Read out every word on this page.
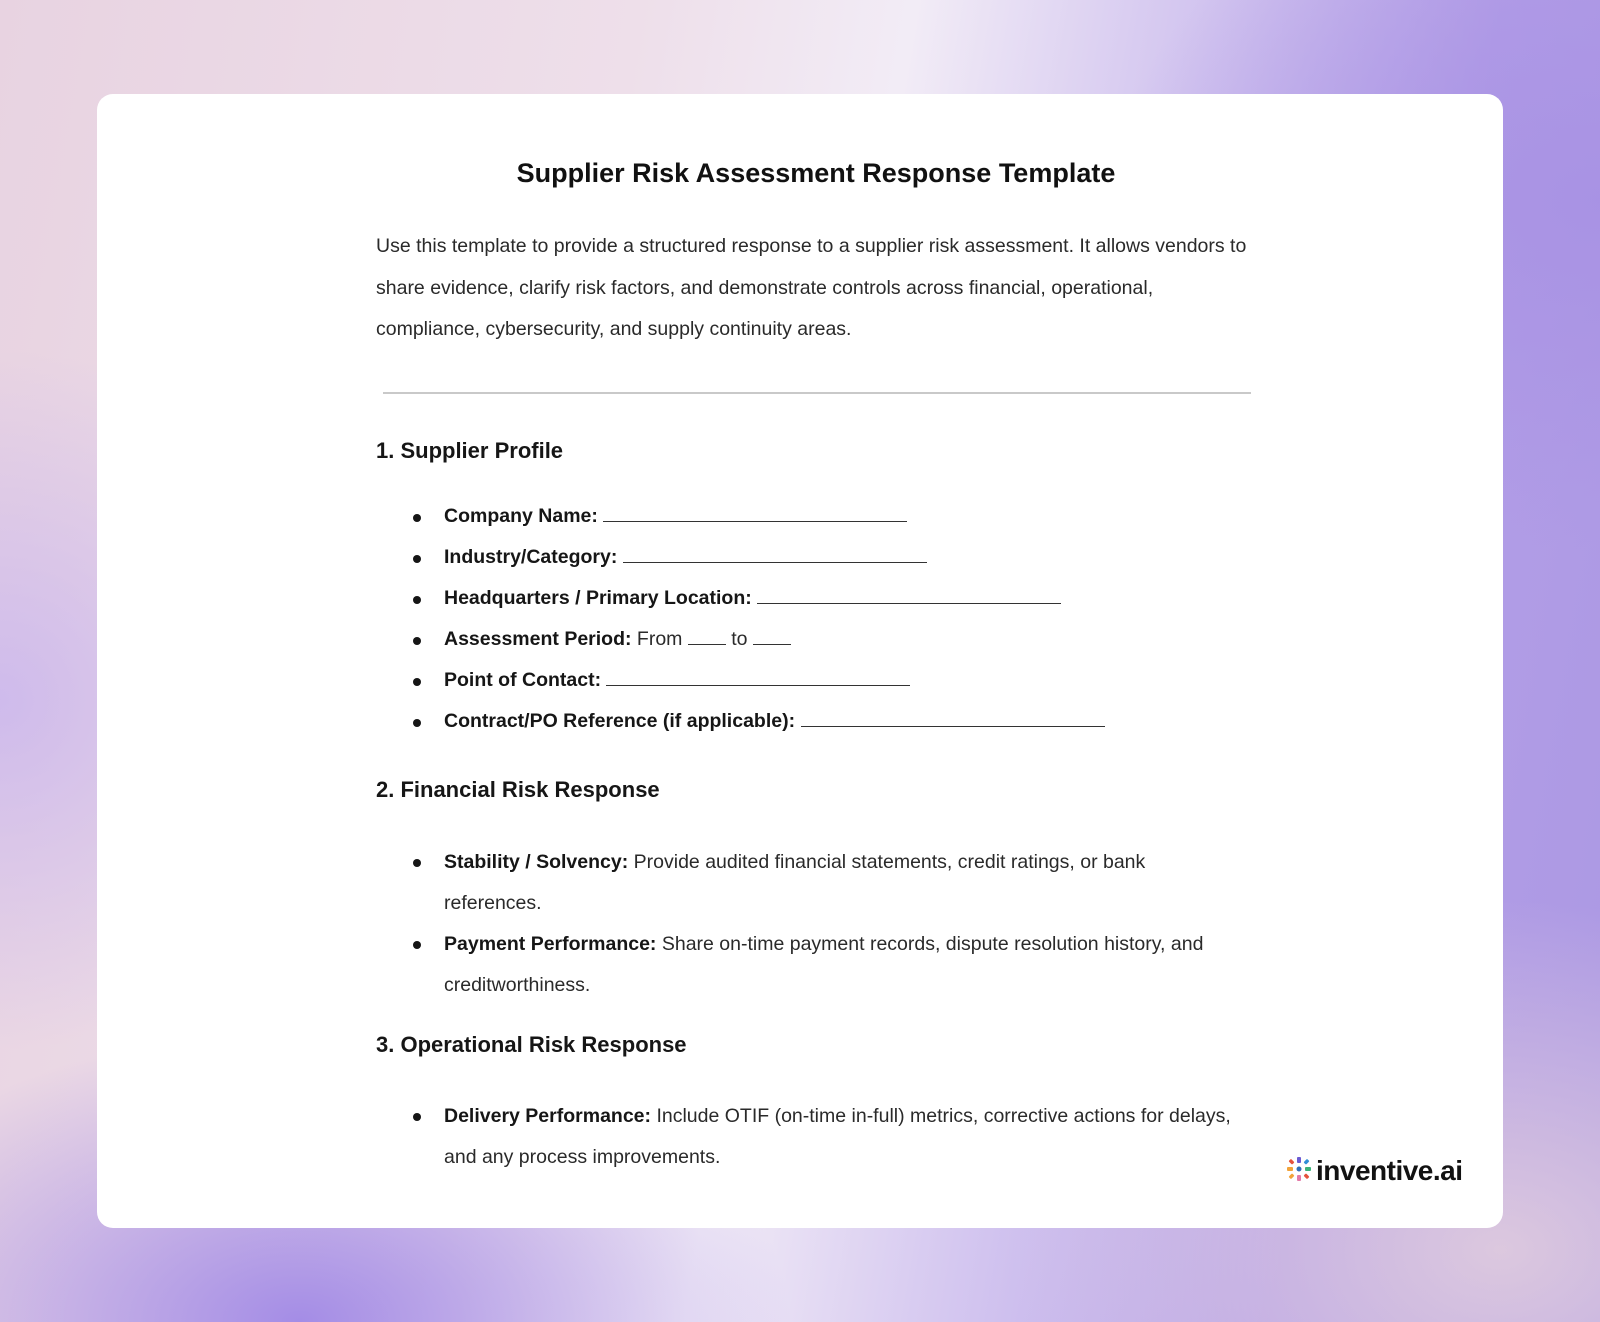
Supplier Risk Assessment Response Template
Use this template to provide a structured response to a supplier risk assessment. It allows vendors to share evidence, clarify risk factors, and demonstrate controls across financial, operational, compliance, cybersecurity, and supply continuity areas.
1. Supplier Profile
Company Name:
Industry/Category:
Headquarters / Primary Location:
Assessment Period: From	to
Point of Contact:
Contract/PO Reference (if applicable):
2. Financial Risk Response
Stability / Solvency: Provide audited financial statements, credit ratings, or bank references.
Payment Performance: Share on-time payment records, dispute resolution history, and creditworthiness.
3. Operational Risk Response
Delivery Performance: Include OTIF (on-time in-full) metrics, corrective actions for delays, and any process improvements.	inventive.ai
